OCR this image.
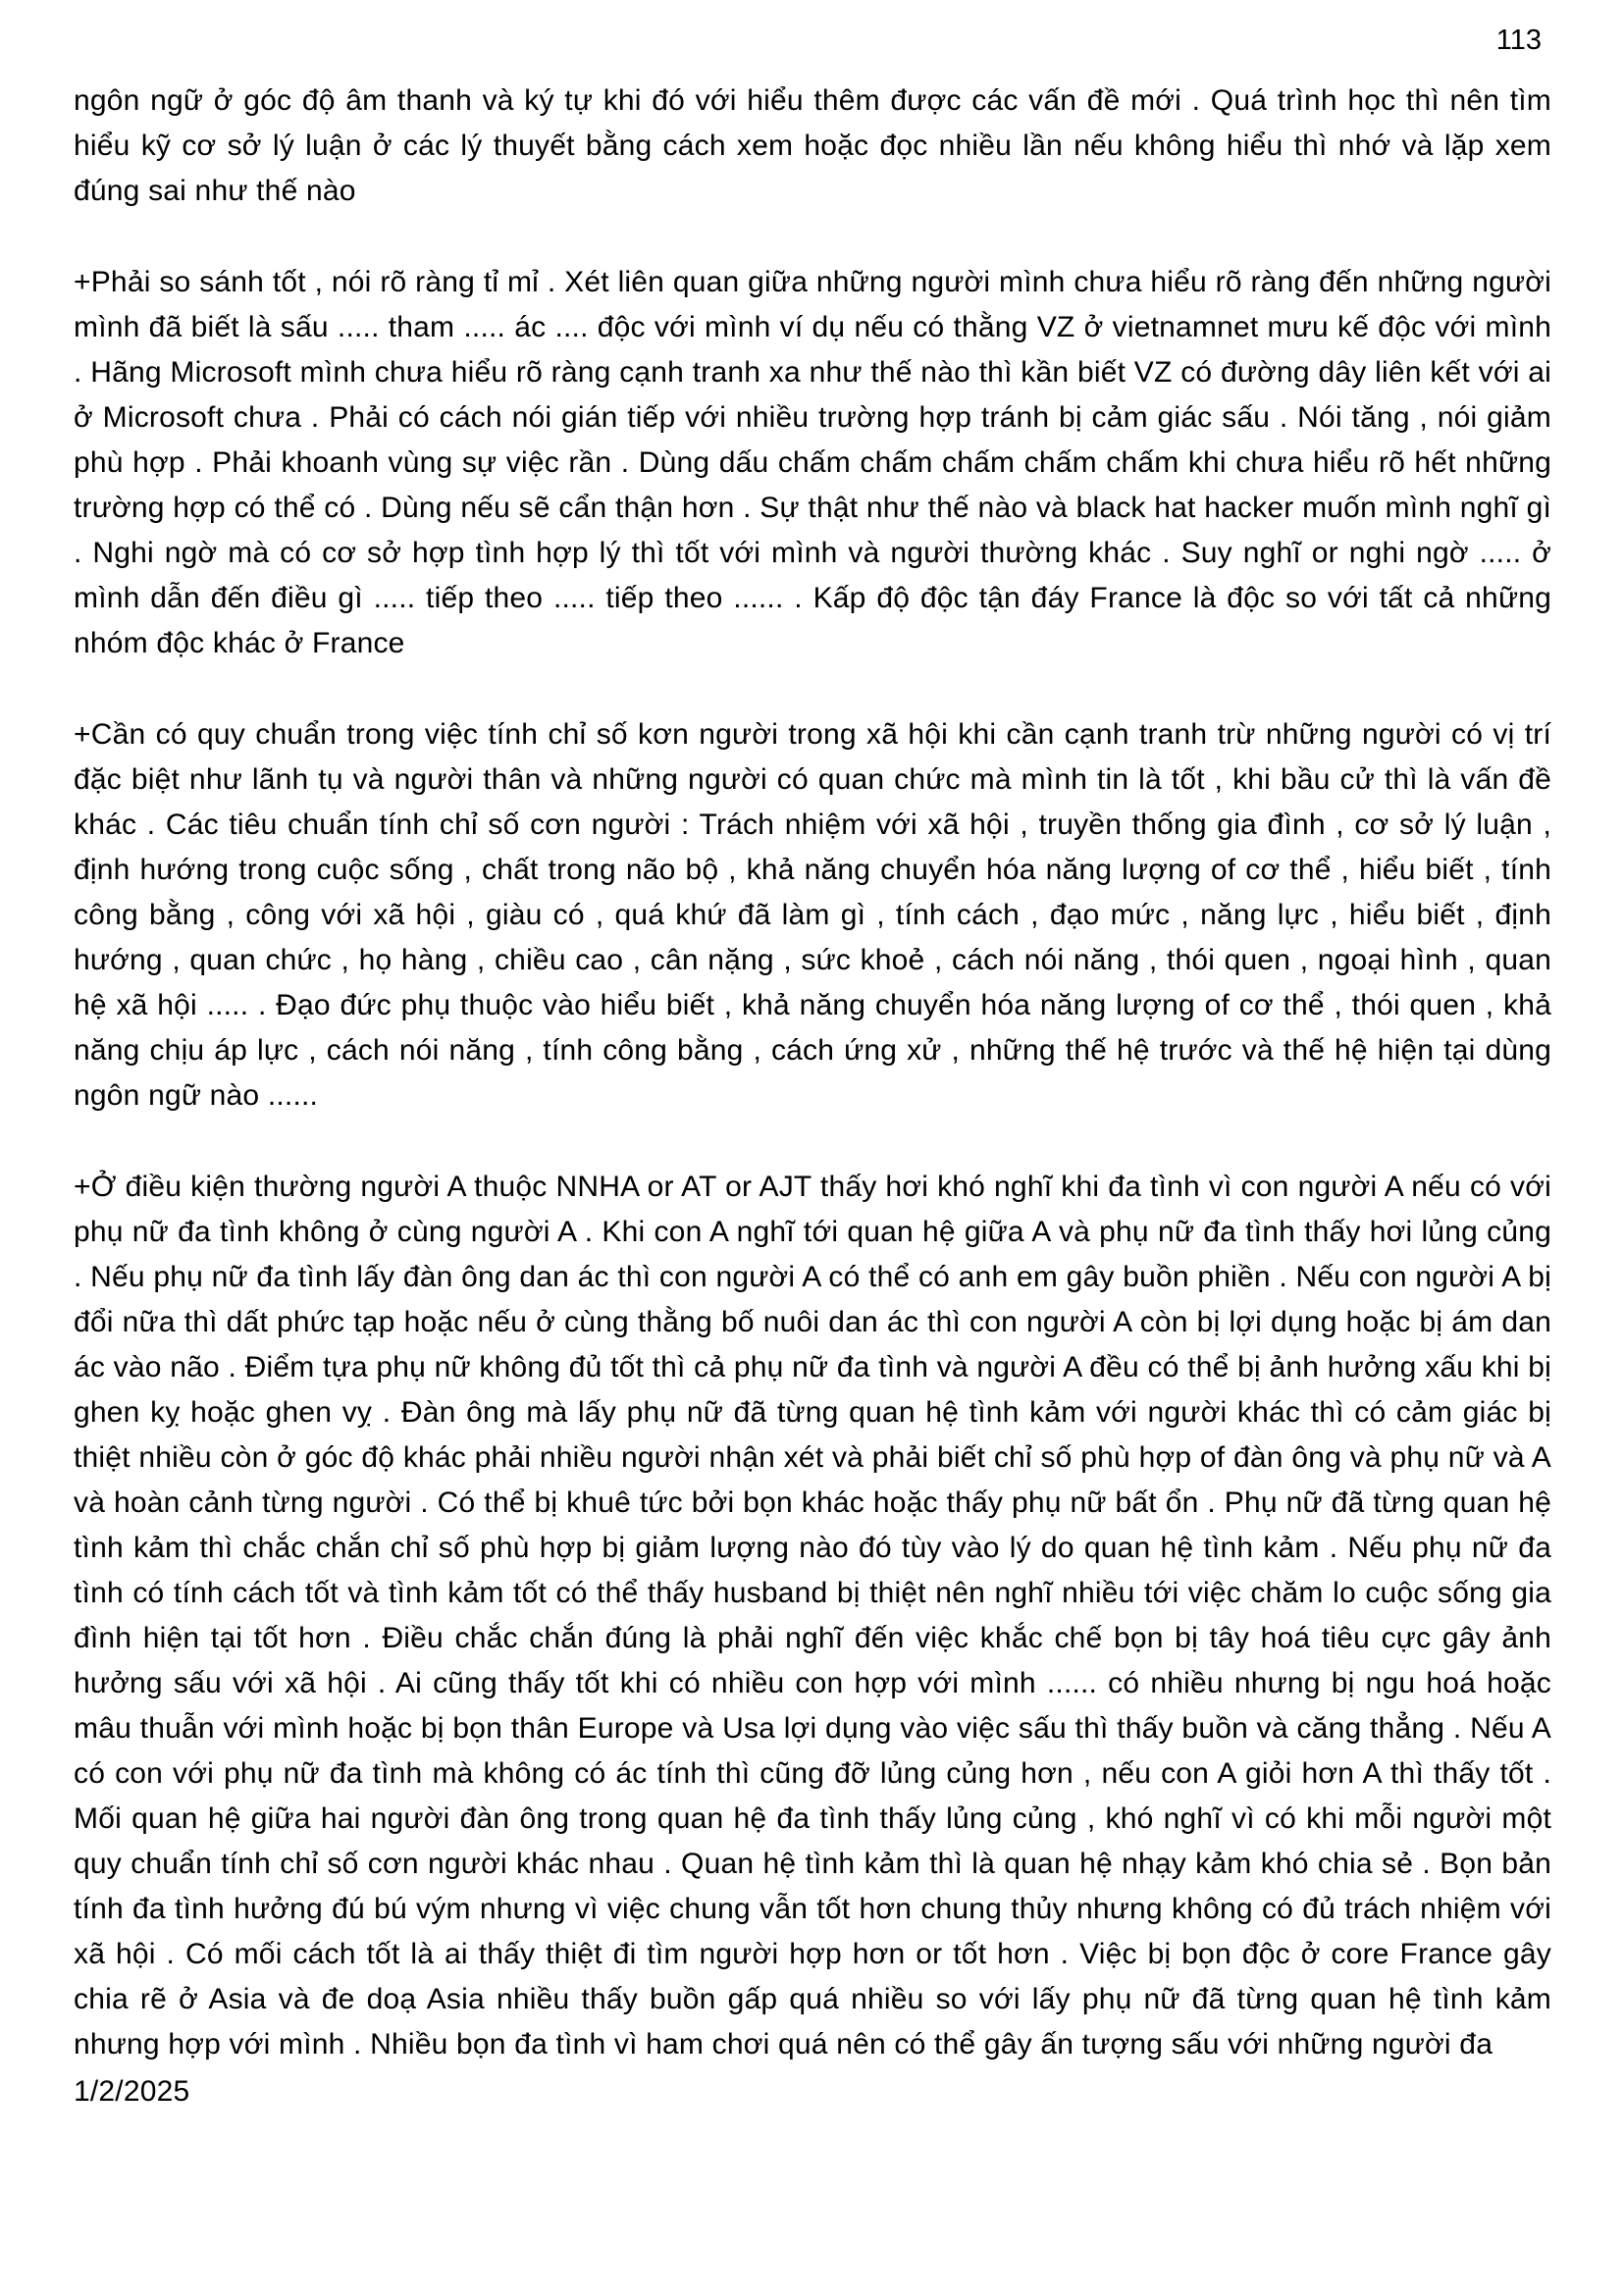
113

ngôn ngữ ở góc độ âm thanh và ký tự khi đó với hiểu thêm được các vấn đề mới . Quá trình học thì nên tìm hiểu kỹ cơ sở lý luận ở các lý thuyết bằng cách xem hoặc đọc nhiều lần nếu không hiểu thì nhớ và lặp xem đúng sai như thế nào

+Phải so sánh tốt , nói rõ ràng tỉ mỉ . Xét liên quan giữa những người mình chưa hiểu rõ ràng đến những người mình đã biết là sấu ..... tham ..... ác .... độc với mình ví dụ nếu có thằng VZ ở vietnamnet mưu kế độc với mình . Hãng Microsoft mình chưa hiểu rõ ràng cạnh tranh xa như thế nào thì kần biết VZ có đường dây liên kết với ai ở Microsoft chưa . Phải có cách nói gián tiếp với nhiều trường hợp tránh bị cảm giác sấu . Nói tăng , nói giảm phù hợp . Phải khoanh vùng sự việc rần . Dùng dấu chấm chấm chấm chấm chấm khi chưa hiểu rõ hết những trường hợp có thể có . Dùng nếu sẽ cẩn thận hơn . Sự thật như thế nào và black hat hacker muốn mình nghĩ gì . Nghi ngờ mà có cơ sở hợp tình hợp lý thì tốt với mình và người thường khác . Suy nghĩ or nghi ngờ ..... ở mình dẫn đến điều gì ..... tiếp theo ..... tiếp theo ...... . Kấp độ độc tận đáy France là độc so với tất cả những nhóm độc khác ở France

+Cần có quy chuẩn trong việc tính chỉ số kơn người trong xã hội khi cần cạnh tranh trừ những người có vị trí đặc biệt như lãnh tụ và người thân và những người có quan chức mà mình tin là tốt , khi bầu cử thì là vấn đề khác . Các tiêu chuẩn tính chỉ số cơn người : Trách nhiệm với xã hội , truyền thống gia đình , cơ sở lý luận , định hướng trong cuộc sống , chất trong não bộ , khả năng chuyển hóa năng lượng of cơ thể , hiểu biết , tính công bằng , công với xã hội , giàu có , quá khứ đã làm gì , tính cách , đạo mức , năng lực , hiểu biết , định hướng , quan chức , họ hàng , chiều cao , cân nặng , sức khoẻ , cách nói năng , thói quen , ngoại hình , quan hệ xã hội ..... . Đạo đức phụ thuộc vào hiểu biết , khả năng chuyển hóa năng lượng of cơ thể , thói quen , khả năng chịu áp lực , cách nói năng , tính công bằng , cách ứng xử , những thế hệ trước và thế hệ hiện tại dùng ngôn ngữ nào ......

+Ở điều kiện thường người A thuộc NNHA or AT or AJT thấy hơi khó nghĩ khi đa tình vì con người A nếu có với phụ nữ đa tình không ở cùng người A . Khi con A nghĩ tới quan hệ giữa A và phụ nữ đa tình thấy hơi lủng củng . Nếu phụ nữ đa tình lấy đàn ông dan ác thì con người A có thể có anh em gây buồn phiền . Nếu con người A bị đổi nữa thì dất phức tạp hoặc nếu ở cùng thằng bố nuôi dan ác thì con người A còn bị lợi dụng hoặc bị ám dan ác vào não . Điểm tựa phụ nữ không đủ tốt thì cả phụ nữ đa tình và người A đều có thể bị ảnh hưởng xấu khi bị ghen kỵ hoặc ghen vỵ . Đàn ông mà lấy phụ nữ đã từng quan hệ tình kảm với người khác thì có cảm giác bị thiệt nhiều còn ở góc độ khác phải nhiều người nhận xét và phải biết chỉ số phù hợp of đàn ông và phụ nữ và A và hoàn cảnh từng người . Có thể bị khuê tức bởi bọn khác hoặc thấy phụ nữ bất ổn . Phụ nữ đã từng quan hệ tình kảm thì chắc chắn chỉ số phù hợp bị giảm lượng nào đó tùy vào lý do quan hệ tình kảm . Nếu phụ nữ đa tình có tính cách tốt và tình kảm tốt có thể thấy husband bị thiệt nên nghĩ nhiều tới việc chăm lo cuộc sống gia đình hiện tại tốt hơn . Điều chắc chắn đúng là phải nghĩ đến việc khắc chế bọn bị tây hoá tiêu cực gây ảnh hưởng sấu với xã hội . Ai cũng thấy tốt khi có nhiều con hợp với mình ...... có nhiều nhưng bị ngu hoá hoặc mâu thuẫn với mình hoặc bị bọn thân Europe và Usa lợi dụng vào việc sấu thì thấy buồn và căng thẳng . Nếu A có con với phụ nữ đa tình mà không có ác tính thì cũng đỡ lủng củng hơn , nếu con A giỏi hơn A thì thấy tốt . Mối quan hệ giữa hai người đàn ông trong quan hệ đa tình thấy lủng củng , khó nghĩ vì có khi mỗi người một quy chuẩn tính chỉ số cơn người khác nhau . Quan hệ tình kảm thì là quan hệ nhạy kảm khó chia sẻ . Bọn bản tính đa tình hưởng đú bú vým nhưng vì việc chung vẫn tốt hơn chung thủy nhưng không có đủ trách nhiệm với xã hội . Có mối cách tốt là ai thấy thiệt đi tìm người hợp hơn or tốt hơn . Việc bị bọn độc ở core France gây chia rẽ ở Asia và đe doạ Asia nhiều thấy buồn gấp quá nhiều so với lấy phụ nữ đã từng quan hệ tình kảm nhưng hợp với mình . Nhiều bọn đa tình vì ham chơi quá nên có thể gây ấn tượng sấu với những người đa

1/2/2025
